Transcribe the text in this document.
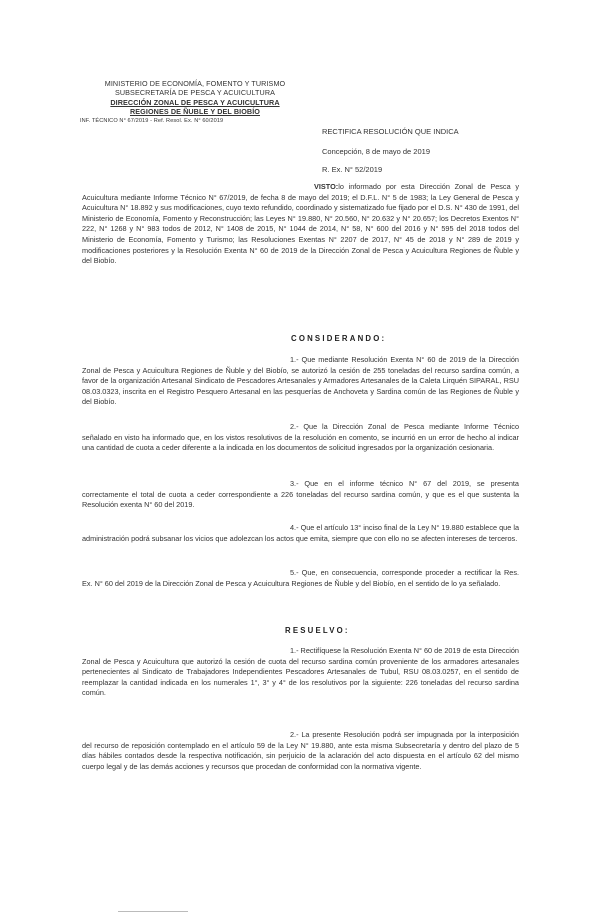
MINISTERIO DE ECONOMÍA, FOMENTO Y TURISMO
SUBSECRETARÍA DE PESCA Y ACUICULTURA
DIRECCIÓN ZONAL DE PESCA Y ACUICULTURA
REGIONES DE ÑUBLE Y DEL BIOBÍO
INF. TÉCNICO N° 67/2019 - Ref. Resol. Ex. N° 60/2019
RECTIFICA RESOLUCIÓN QUE INDICA
Concepción, 8 de mayo de 2019
R. Ex. N° 52/2019
VISTO:lo informado por esta Dirección Zonal de Pesca y Acuicultura mediante Informe Técnico N° 67/2019, de fecha 8 de mayo del 2019; el D.F.L. N° 5 de 1983; la Ley General de Pesca y Acuicultura N° 18.892 y sus modificaciones, cuyo texto refundido, coordinado y sistematizado fue fijado por el D.S. N° 430 de 1991, del Ministerio de Economía, Fomento y Reconstrucción; las Leyes N° 19.880, N° 20.560, N° 20.632 y N° 20.657; los Decretos Exentos N° 222, N° 1268 y N° 983 todos de 2012, N° 1408 de 2015, N° 1044 de 2014, N° 58, N° 600 del 2016 y N° 595 del 2018 todos del Ministerio de Economía, Fomento y Turismo; las Resoluciones Exentas N° 2207 de 2017, N° 45 de 2018 y N° 289 de 2019 y modificaciones posteriores y la Resolución Exenta N° 60 de 2019 de la Dirección Zonal de Pesca y Acuicultura Regiones de Ñuble y del Biobío.
CONSIDERANDO:
1.- Que mediante Resolución Exenta N° 60 de 2019 de la Dirección Zonal de Pesca y Acuicultura Regiones de Ñuble y del Biobío, se autorizó la cesión de 255 toneladas del recurso sardina común, a favor de la organización Artesanal Sindicato de Pescadores Artesanales y Armadores Artesanales de la Caleta Lirquén SIPARAL, RSU 08.03.0323, inscrita en el Registro Pesquero Artesanal en las pesquerías de Anchoveta y Sardina común de las Regiones de Ñuble y del Biobío.
2.- Que la Dirección Zonal de Pesca mediante Informe Técnico señalado en visto ha informado que, en los vistos resolutivos de la resolución en comento, se incurrió en un error de hecho al indicar una cantidad de cuota a ceder diferente a la indicada en los documentos de solicitud ingresados por la organización cesionaria.
3.- Que en el informe técnico N° 67 del 2019, se presenta correctamente el total de cuota a ceder correspondiente a 226 toneladas del recurso sardina común, y que es el que sustenta la Resolución exenta N° 60 del 2019.
4.- Que el artículo 13° inciso final de la Ley N° 19.880 establece que la administración podrá subsanar los vicios que adolezcan los actos que emita, siempre que con ello no se afecten intereses de terceros.
5.- Que, en consecuencia, corresponde proceder a rectificar la Res. Ex. N° 60 del 2019 de la Dirección Zonal de Pesca y Acuicultura Regiones de Ñuble y del Biobío, en el sentido de lo ya señalado.
RESUELVO:
1.- Rectifíquese la Resolución Exenta N° 60 de 2019 de esta Dirección Zonal de Pesca y Acuicultura que autorizó la cesión de cuota del recurso sardina común proveniente de los armadores artesanales pertenecientes al Sindicato de Trabajadores Independientes Pescadores Artesanales de Tubul, RSU 08.03.0257, en el sentido de reemplazar la cantidad indicada en los numerales 1°, 3° y 4° de los resolutivos por la siguiente: 226 toneladas del recurso sardina común.
2.- La presente Resolución podrá ser impugnada por la interposición del recurso de reposición contemplado en el artículo 59 de la Ley N° 19.880, ante esta misma Subsecretaría y dentro del plazo de 5 días hábiles contados desde la respectiva notificación, sin perjuicio de la aclaración del acto dispuesta en el artículo 62 del mismo cuerpo legal y de las demás acciones y recursos que procedan de conformidad con la normativa vigente.
